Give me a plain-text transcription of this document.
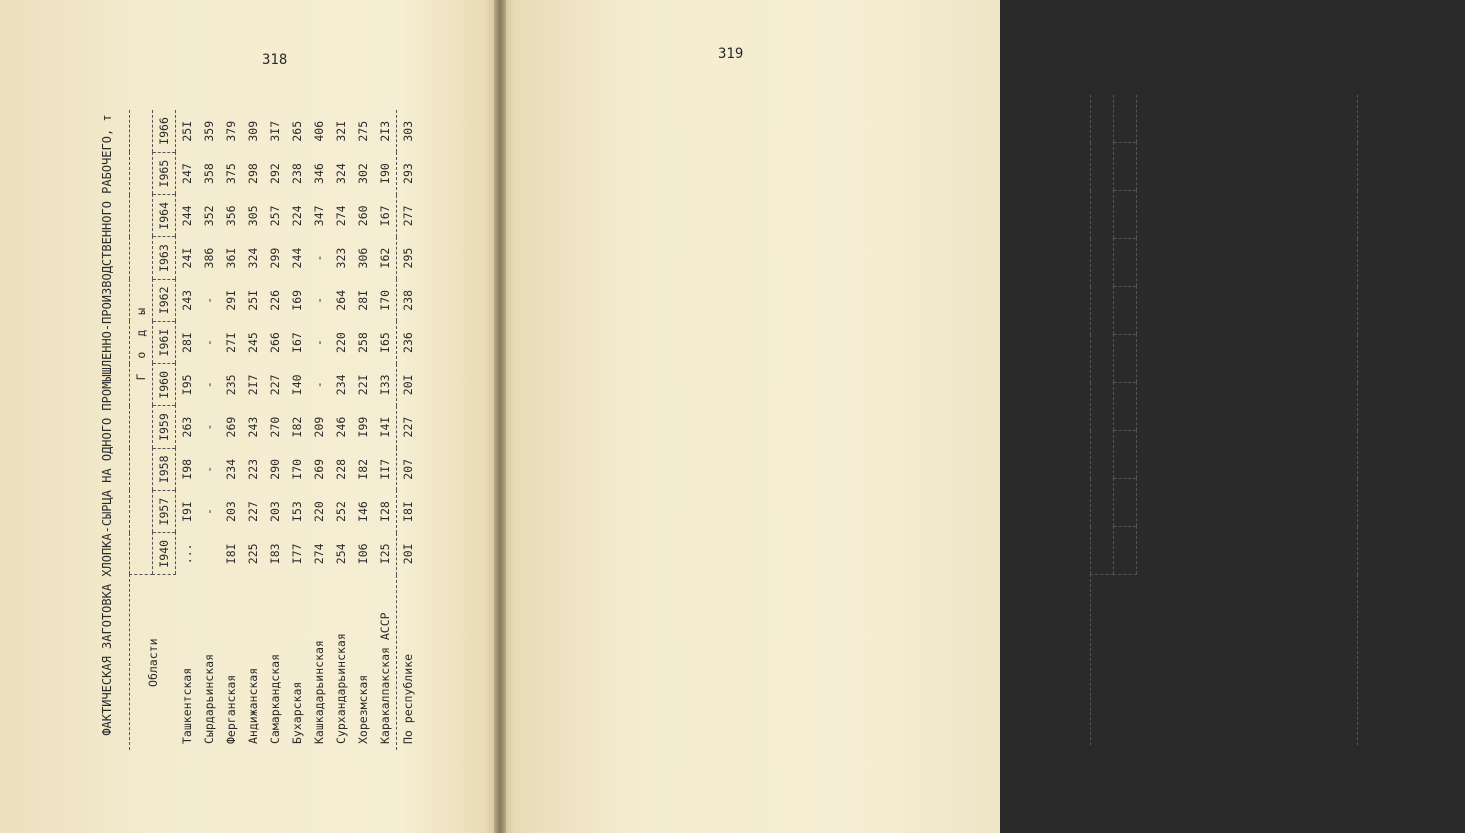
318

ФАКТИЧЕСКАЯ ЗАГОТОВКА ХЛОПКА-СЫРЦА НА ОДНОГО ПРОМЫШЛЕННО-ПРОИЗВОДСТВЕННОГО РАБОЧЕГО, т	Области	Г о д ы										
	I940	I957	I958	I959	I960	I96I	I962	I963	I964	I965	I966
Ташкентская	...	I9I	I98	263	I95	28I	243	24I	244	247	25I
Сырдарьинская		-	-	-	-	-	-	386	352	358	359
Ферганская	I8I	203	234	269	235	27I	29I	36I	356	375	379
Андижанская	225	227	223	243	2I7	245	25I	324	305	298	309
Самаркандская	I83	203	290	270	227	266	226	299	257	292	3I7
Бухарская	I77	I53	I70	I82	I40	I67	I69	244	224	238	265
Кашкадарьинская	274	220	269	209	-	-	-	-	347	346	406
Сурхандарьинская	254	252	228	246	234	220	264	323	274	324	32I
Хорезмская	I06	I46	I82	I99	22I	258	28I	306	260	302	275
Каракалпакская АССР	I25	I28	II7	I4I	I33	I65	I70	I62	I67	I90	2I3
По республике	20I	I8I	207	227	20I	236	238	295	277	293	303
319

СРЕДНЕГОДОВАЯ ВЫРАБОТКА ВАЛОВОЙ ПРОДУКЦИИ НА ОДНОГО ПРОМЫШЛЕННО-ПРОИЗВОДСТВЕННОГО РАБОЧЕГО (тыс.руб.)

Области	Г о д ы									
	I957	I958	I959	I960	I96I	I962	I963	I964	I965	I966
Ташкентская	5I,0	47,5	5I,0	57,8	62,4	66,8	6I,3	69,2	70,6	72,3
Сырдарьинская	-	-	-	-	-	-	52,6	6I,9	6I,5	58,3
Ферганская	54,7	56,9	60,4	66,6	7I,7	70,8	72,3	86,3	9I,5	93,8
Андижанская	52,8	59,2	62,8	60,3	6I,9	65,0	68,3	78,9	78,6	79,4
Самаркандская	-	48,2	57,8	64,9	60,I	70,5	58,9	65,4	62,5	75,5
Бухарская	4I,8	44,4	48,8	46,7	52,I	57,3	59,3	60,6	63,6	7I,3
Кашкадарьинская	46,7	56,9	52,4	-	-	-	-	86,5	88,2	96,0
Сурхандарьинская	6I,5	6I,5	68,9	63,0	68,3	65,8	70,5	80,I	73,3	8I,9
Хорезмская	-	37,8	4I,8	46,5	54,0	59,5	58,2	57,2	52,0	59,7
Каракалпакская АССР	28,3	3I,5	3I,0	38,I	47,9	5I,7	46,7	48,6	46,5	47,6
По республике	47,3	48,7	53,3	56,3	60,3	63,9	62,I	69,5	68,8	72,8
